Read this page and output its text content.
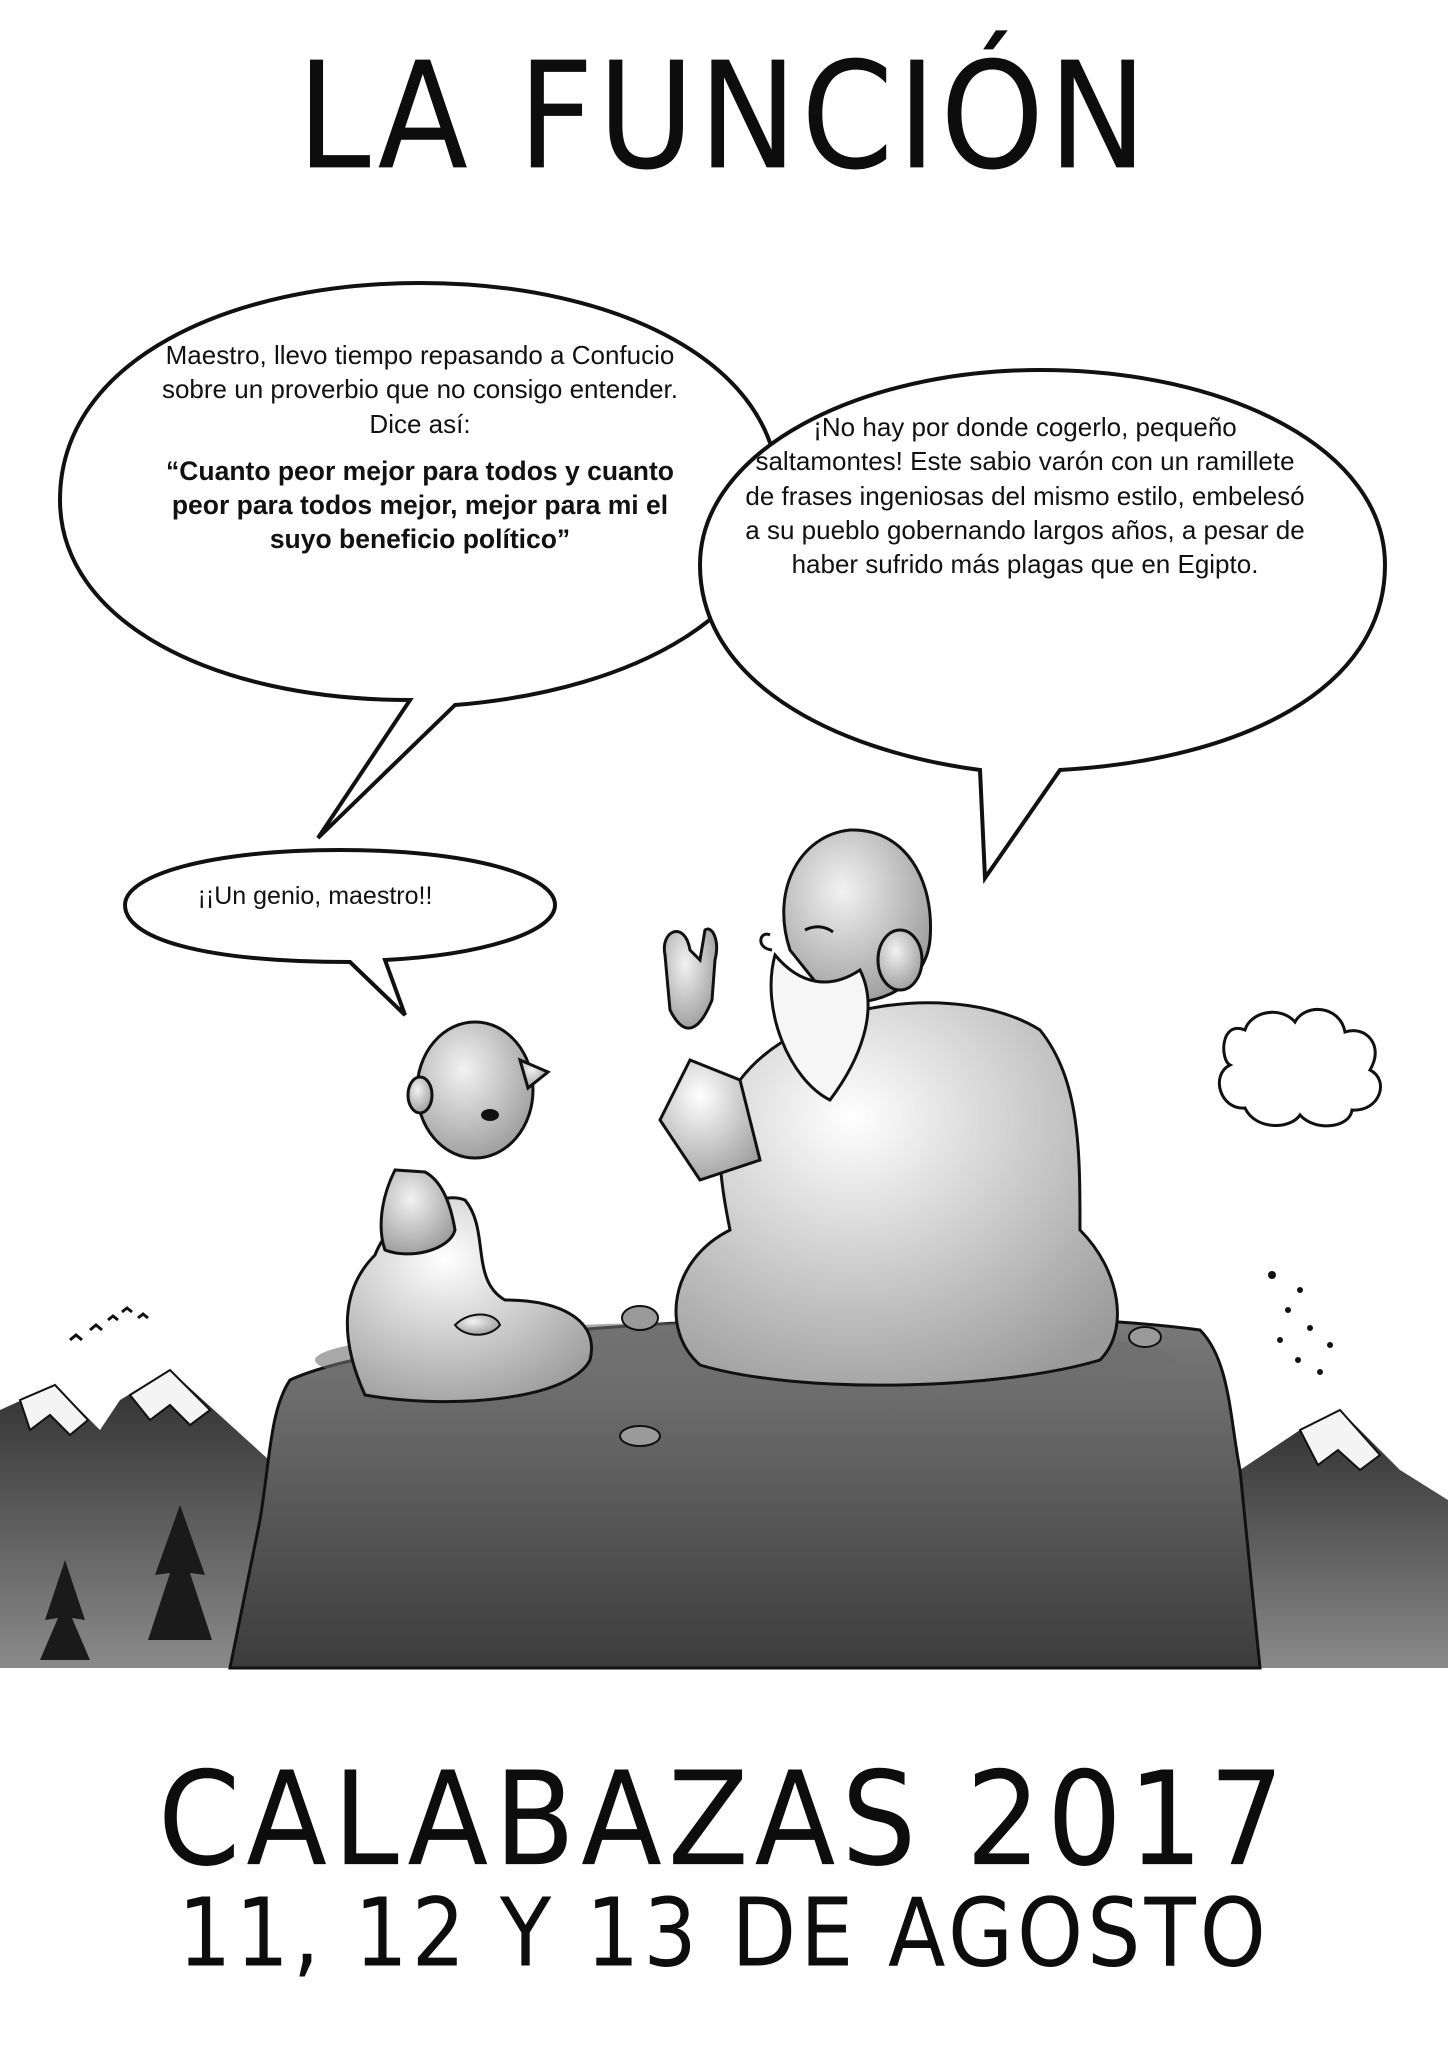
LA FUNCIÓN
Maestro, llevo tiempo repasando a Confucio sobre un proverbio que no consigo entender. Dice así:
“Cuanto peor mejor para todos y cuanto peor para todos mejor, mejor para mi el suyo beneficio político”
¡No hay por donde cogerlo, pequeño saltamontes! Este sabio varón con un ramillete de frases ingeniosas del mismo estilo, embelesó a su pueblo gobernando largos años, a pesar de haber sufrido más plagas que en Egipto.
¡¡Un genio, maestro!!
CALABAZAS 2017
11, 12 Y 13 DE AGOSTO
